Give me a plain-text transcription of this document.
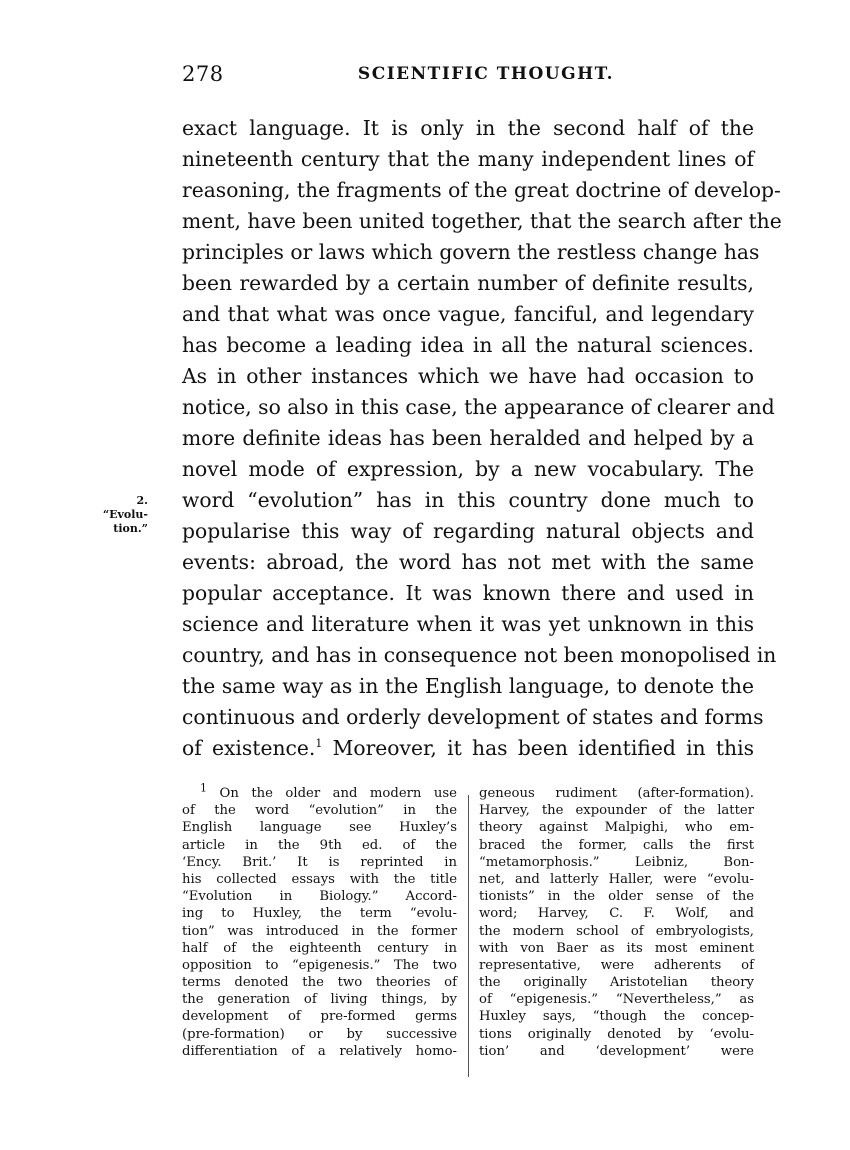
278	SCIENTIFIC THOUGHT.
2.
“Evolu-
tion.”
exact language. It is only in the second half of the
nineteenth century that the many independent lines of
reasoning, the fragments of the great doctrine of develop-
ment, have been united together, that the search after the
principles or laws which govern the restless change has
been rewarded by a certain number of definite results,
and that what was once vague, fanciful, and legendary
has become a leading idea in all the natural sciences.
As in other instances which we have had occasion to
notice, so also in this case, the appearance of clearer and
more definite ideas has been heralded and helped by a
novel mode of expression, by a new vocabulary. The
word “evolution” has in this country done much to
popularise this way of regarding natural objects and
events: abroad, the word has not met with the same
popular acceptance. It was known there and used in
science and literature when it was yet unknown in this
country, and has in consequence not been monopolised in
the same way as in the English language, to denote the
continuous and orderly development of states and forms
of existence.$^1$ Moreover, it has been identified in this
$^1$ On the older and modern use
of the word “evolution” in the
English language see Huxley’s
article in the 9th ed. of the
‘Ency. Brit.’ It is reprinted in
his collected essays with the title
“Evolution in Biology.” Accord-
ing to Huxley, the term “evolu-
tion” was introduced in the former
half of the eighteenth century in
opposition to “epigenesis.” The two
terms denoted the two theories of
the generation of living things, by
development of pre-formed germs
(pre-formation) or by successive
differentiation of a relatively homo-
geneous rudiment (after-formation).
Harvey, the expounder of the latter
theory against Malpighi, who em-
braced the former, calls the first
“metamorphosis.” Leibniz, Bon-
net, and latterly Haller, were “evolu-
tionists” in the older sense of the
word; Harvey, C. F. Wolf, and
the modern school of embryologists,
with von Baer as its most eminent
representative, were adherents of
the originally Aristotelian theory
of “epigenesis.” “Nevertheless,” as
Huxley says, “though the concep-
tions originally denoted by ‘evolu-
tion’ and ‘development’ were
